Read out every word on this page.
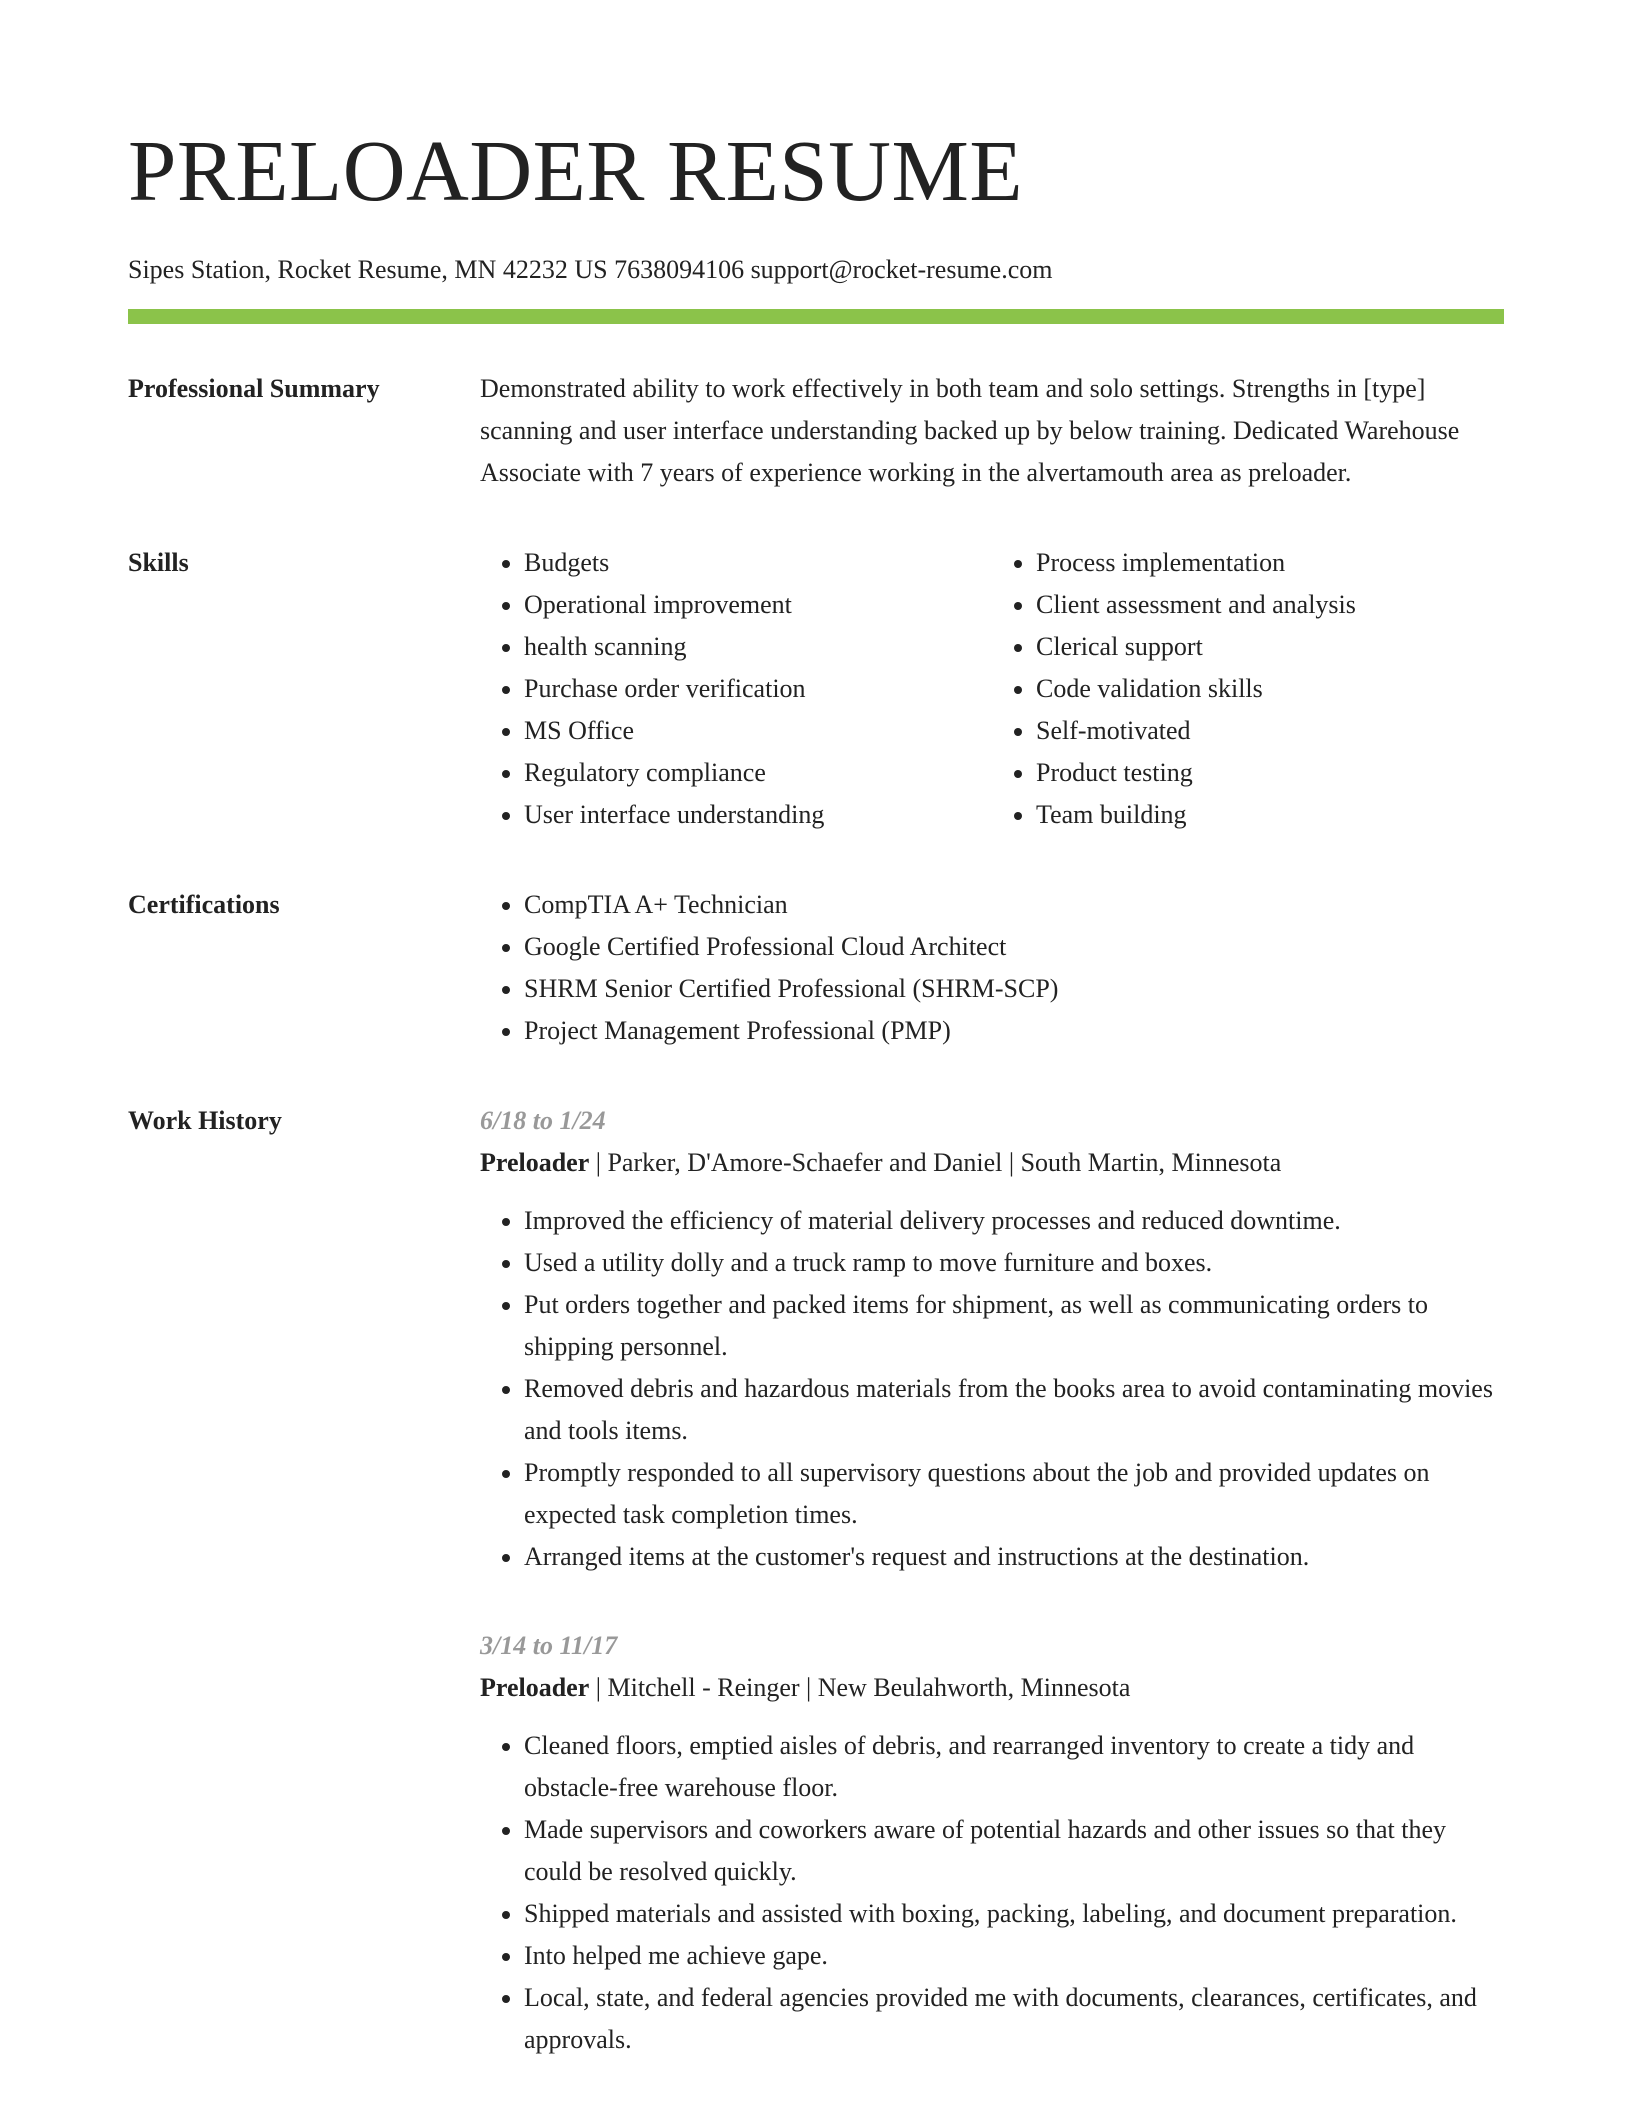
PRELOADER RESUME
Sipes Station, Rocket Resume, MN 42232 US 7638094106 support@rocket-resume.com
Professional Summary	Demonstrated ability to work effectively in both team and solo settings. Strengths in [type] scanning and user interface understanding backed up by below training. Dedicated Warehouse Associate with 7 years of experience working in the alvertamouth area as preloader.

Skills	• Budgets
• Operational improvement
• health scanning
• Purchase order verification
• MS Office
• Regulatory compliance
• User interface understanding
• Process implementation
• Client assessment and analysis
• Clerical support
• Code validation skills
• Self-motivated
• Product testing
• Team building
Certifications	• CompTIA A+ Technician
• Google Certified Professional Cloud Architect
• SHRM Senior Certified Professional (SHRM-SCP)
• Project Management Professional (PMP)
Work History	6/18 to 1/24
Preloader | Parker, D'Amore-Schaefer and Daniel | South Martin, Minnesota
• Improved the efficiency of material delivery processes and reduced downtime.
• Used a utility dolly and a truck ramp to move furniture and boxes.
• Put orders together and packed items for shipment, as well as communicating orders to shipping personnel.
• Removed debris and hazardous materials from the books area to avoid contaminating movies and tools items.
• Promptly responded to all supervisory questions about the job and provided updates on expected task completion times.
• Arranged items at the customer's request and instructions at the destination.
3/14 to 11/17
Preloader | Mitchell - Reinger | New Beulahworth, Minnesota
• Cleaned floors, emptied aisles of debris, and rearranged inventory to create a tidy and obstacle-free warehouse floor.
• Made supervisors and coworkers aware of potential hazards and other issues so that they could be resolved quickly.
• Shipped materials and assisted with boxing, packing, labeling, and document preparation.
• Into helped me achieve gape.
• Local, state, and federal agencies provided me with documents, clearances, certificates, and approvals.
